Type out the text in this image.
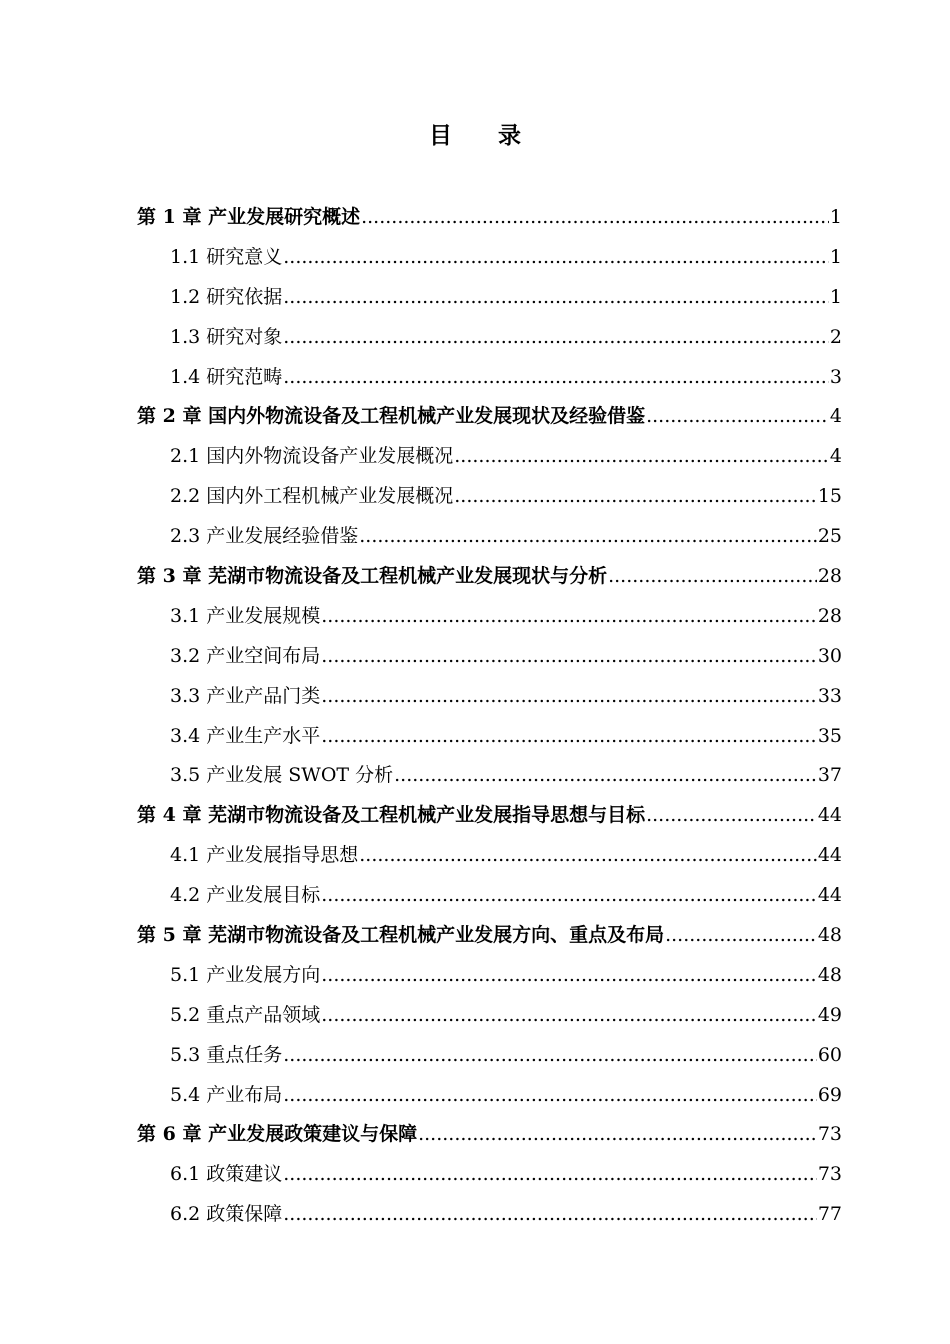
目录
第 1 章 产业发展研究概述 .....	1
1.1 研究意义 .....	1
1.2 研究依据 .....	1
1.3 研究对象 .....	2
1.4 研究范畴 .....	3
第 2 章 国内外物流设备及工程机械产业发展现状及经验借鉴 .....	4
2.1 国内外物流设备产业发展概况 .....	4
2.2 国内外工程机械产业发展概况 .....	15
2.3 产业发展经验借鉴 .....	25
第 3 章 芜湖市物流设备及工程机械产业发展现状与分析 .....	28
3.1 产业发展规模 .....	28
3.2 产业空间布局 .....	30
3.3 产业产品门类 .....	33
3.4 产业生产水平 .....	35
3.5 产业发展 SWOT 分析 .....	37
第 4 章 芜湖市物流设备及工程机械产业发展指导思想与目标 .....	44
4.1 产业发展指导思想 .....	44
4.2 产业发展目标 .....	44
第 5 章 芜湖市物流设备及工程机械产业发展方向、重点及布局 .....	48
5.1 产业发展方向 .....	48
5.2 重点产品领域 .....	49
5.3 重点任务 .....	60
5.4 产业布局 .....	69
第 6 章 产业发展政策建议与保障 .....	73
6.1 政策建议 .....	73
6.2 政策保障 .....	77
